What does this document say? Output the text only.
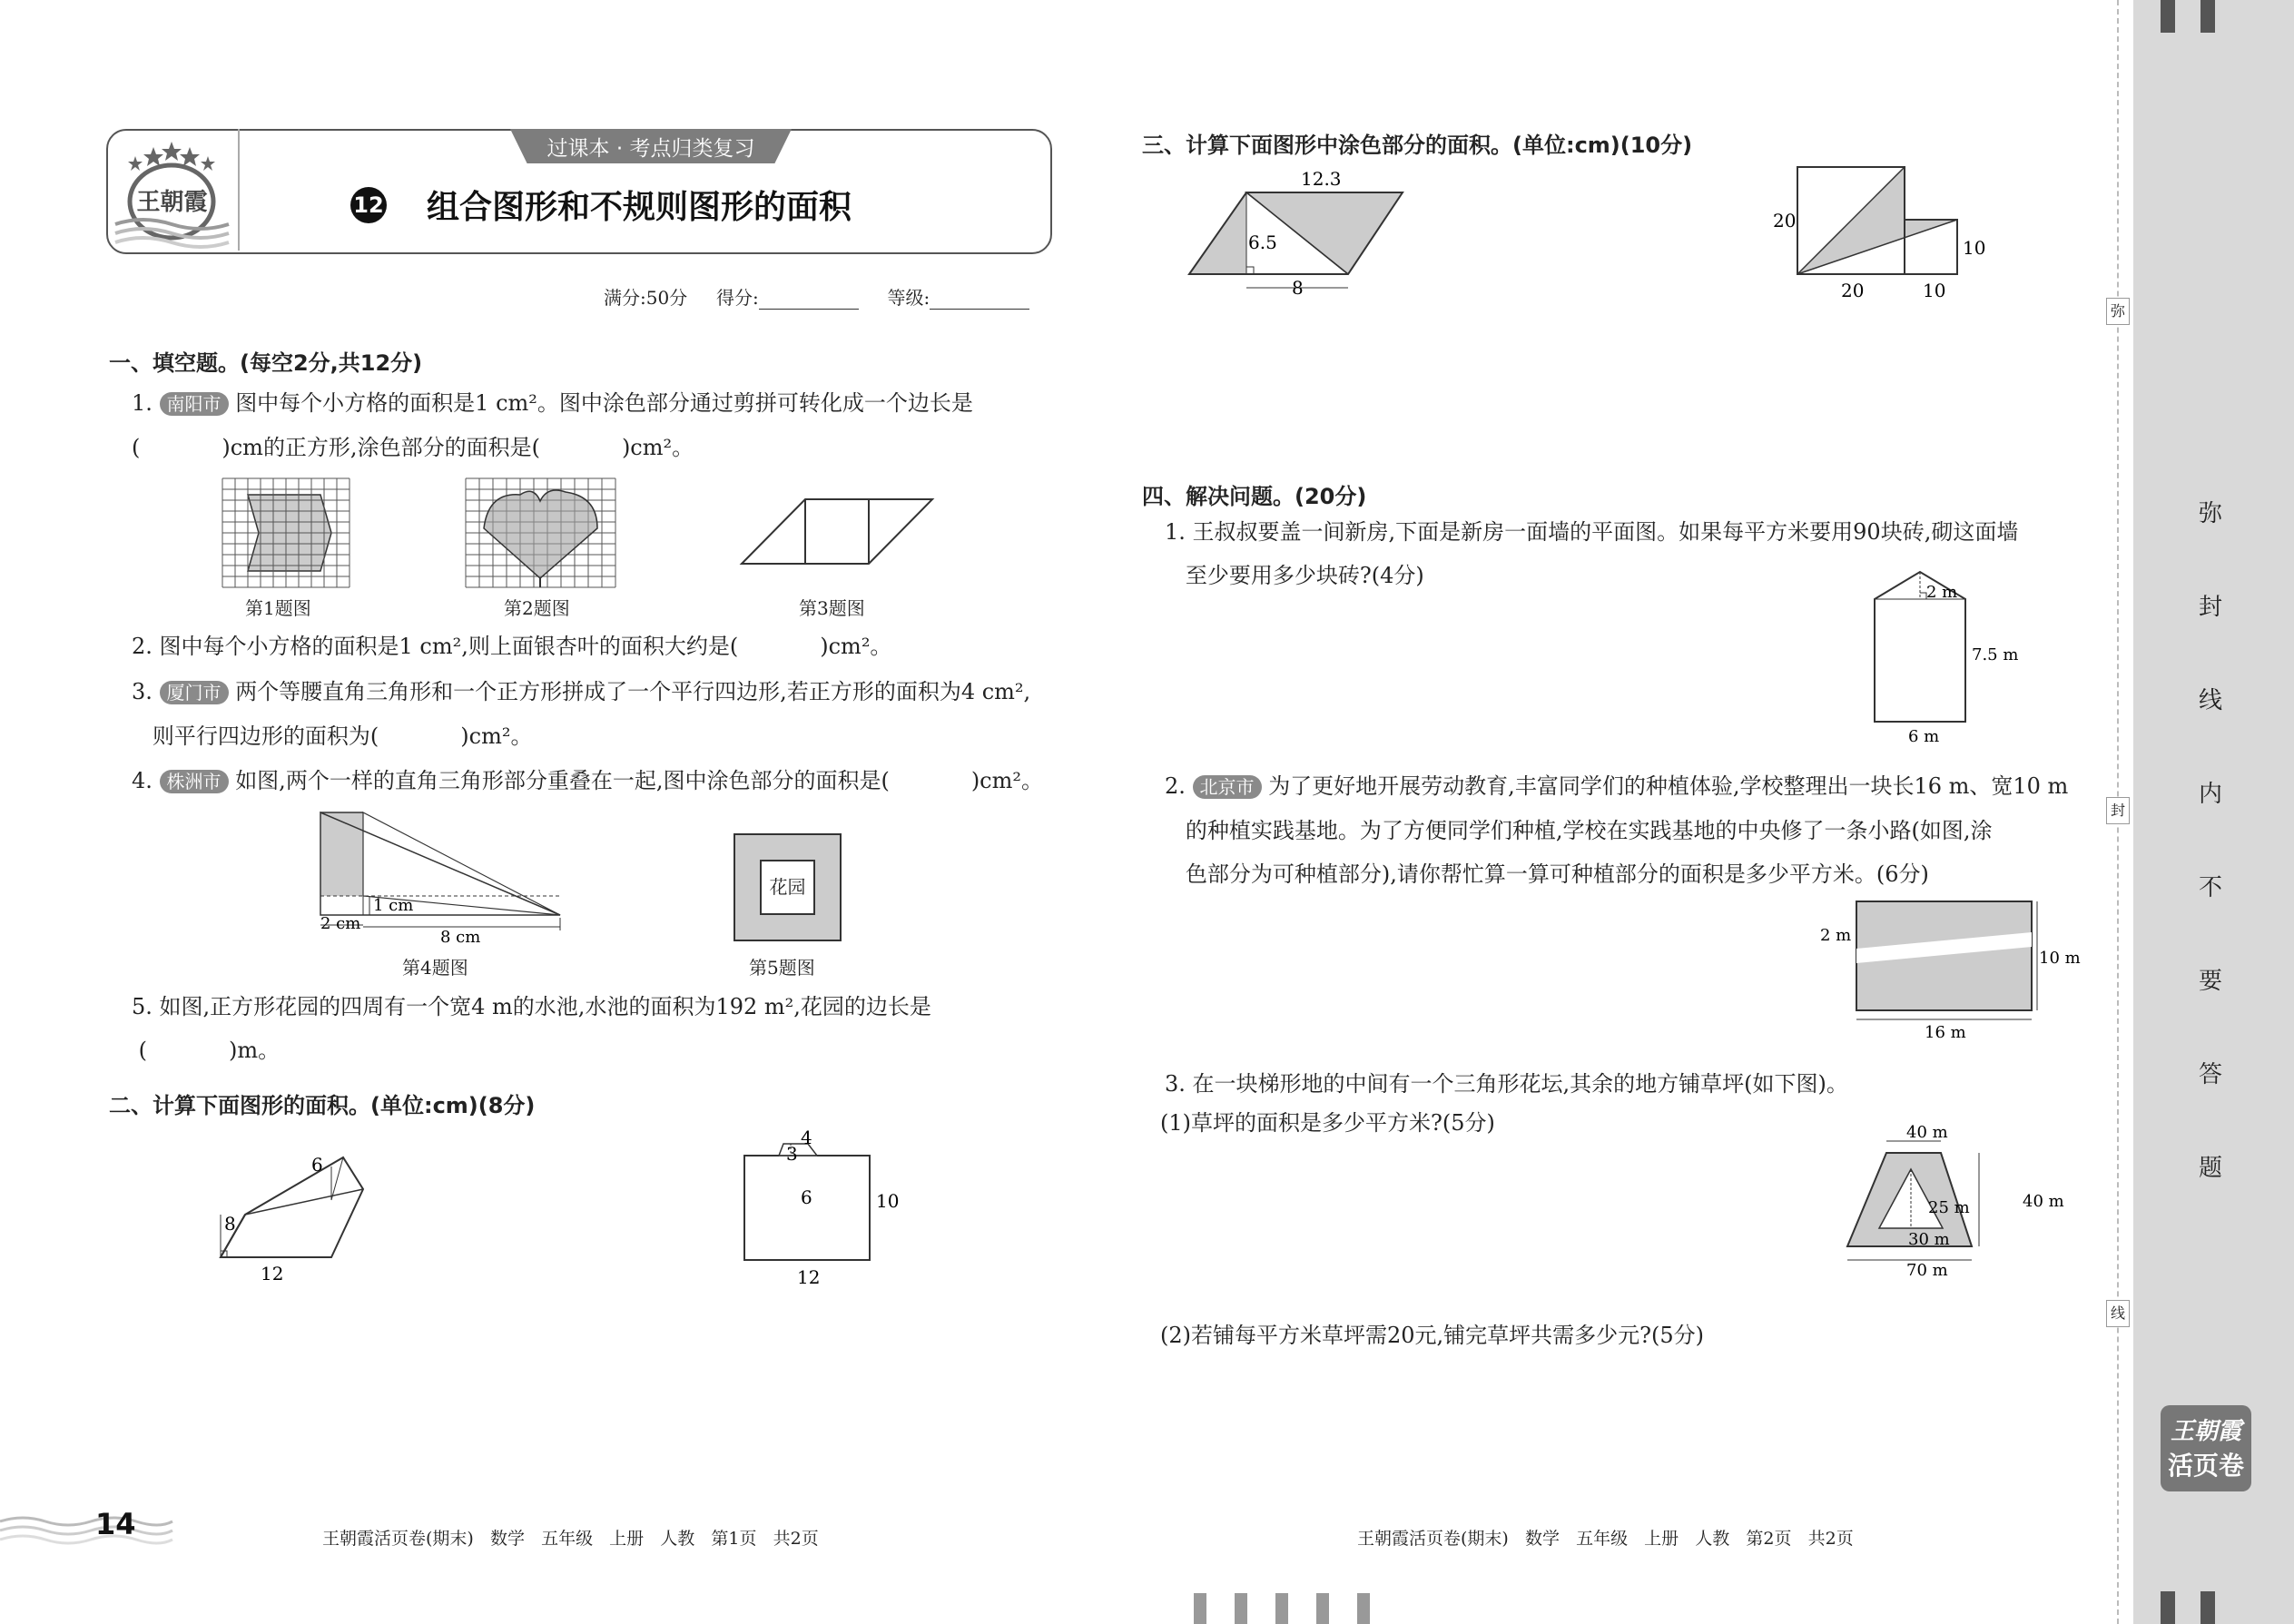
王朝霞
过课本 · 考点归类复习
12 组合图形和不规则图形的面积
满分:50分 得分:	等级:
一、填空题。(每空2分,共12分)
1. 南阳市 图中每个小方格的面积是1 cm²。图中涂色部分通过剪拼可转化成一个边长是
(	)cm的正方形,涂色部分的面积是(	)cm²。
第1题图	第2题图	第3题图
2. 图中每个小方格的面积是1 cm²,则上面银杏叶的面积大约是(	)cm²。
3. 厦门市 两个等腰直角三角形和一个正方形拼成了一个平行四边形,若正方形的面积为4 cm²,
则平行四边形的面积为(	)cm²。
4. 株洲市 如图,两个一样的直角三角形部分重叠在一起,图中涂色部分的面积是(	)cm²。
1 cm
2 cm
8 cm
第4题图
花园
第5题图
5. 如图,正方形花园的四周有一个宽4 m的水池,水池的面积为192 m²,花园的边长是
(	)m。
二、计算下面图形的面积。(单位:cm)(8分)
6
8
12
4
3
6	10
12
三、计算下面图形中涂色部分的面积。(单位:cm)(10分)
12.3
6.5
8
20
10
20	10
四、解决问题。(20分)
1. 王叔叔要盖一间新房,下面是新房一面墙的平面图。如果每平方米要用90块砖,砌这面墙
至少要用多少块砖?(4分)
2 m
7.5 m
6 m
2. 北京市 为了更好地开展劳动教育,丰富同学们的种植体验,学校整理出一块长16 m、宽10 m
的种植实践基地。为了方便同学们种植,学校在实践基地的中央修了一条小路(如图,涂
色部分为可种植部分),请你帮忙算一算可种植部分的面积是多少平方米。(6分)
2 m
10 m
16 m
3. 在一块梯形地的中间有一个三角形花坛,其余的地方铺草坪(如下图)。
(1)草坪的面积是多少平方米?(5分)	40 m
40 m
25 m
30 m
70 m
(2)若铺每平方米草坪需20元,铺完草坪共需多少元?(5分)
14	王朝霞活页卷(期末)   数学   五年级   上册   人教   第1页   共2页	王朝霞活页卷(期末)   数学   五年级   上册   人教   第2页   共2页
弥
封
线
弥
封
线
内
不
要
答
题
王朝霞
活页卷
